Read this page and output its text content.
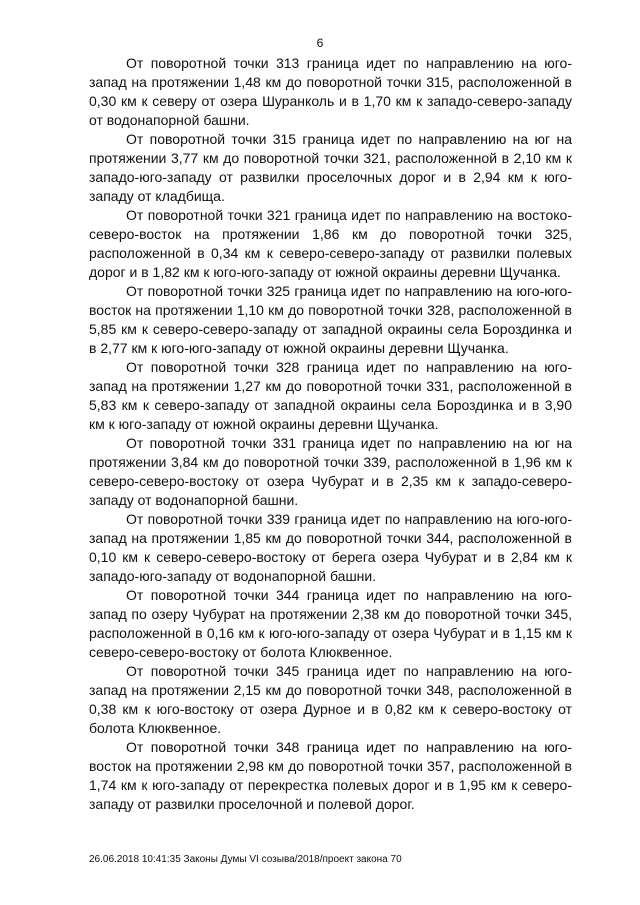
6

От поворотной точки 313 граница идет по направлению на юго-запад на протяжении 1,48 км до поворотной точки 315, расположенной в 0,30 км к северу от озера Шуранколь и в 1,70 км к западо-северо-западу от водонапорной башни.

От поворотной точки 315 граница идет по направлению на юг на протяжении 3,77 км до поворотной точки 321, расположенной в 2,10 км к западо-юго-западу от развилки проселочных дорог и в 2,94 км к юго-западу от кладбища.

От поворотной точки 321 граница идет по направлению на востоко-северо-восток на протяжении 1,86 км до поворотной точки 325, расположенной в 0,34 км к северо-северо-западу от развилки полевых дорог и в 1,82 км к юго-юго-западу от южной окраины деревни Щучанка.

От поворотной точки 325 граница идет по направлению на юго-юго-восток на протяжении 1,10 км до поворотной точки 328, расположенной в 5,85 км к северо-северо-западу от западной окраины села Бороздинка и в 2,77 км к юго-юго-западу от южной окраины деревни Щучанка.

От поворотной точки 328 граница идет по направлению на юго-запад на протяжении 1,27 км до поворотной точки 331, расположенной в 5,83 км к северо-западу от западной окраины села Бороздинка и в 3,90 км к юго-западу от южной окраины деревни Щучанка.

От поворотной точки 331 граница идет по направлению на юг на протяжении 3,84 км до поворотной точки 339, расположенной в 1,96 км к северо-северо-востоку от озера Чубурат и в 2,35 км к западо-северо-западу от водонапорной башни.

От поворотной точки 339 граница идет по направлению на юго-юго-запад на протяжении 1,85 км до поворотной точки 344, расположенной в 0,10 км к северо-северо-востоку от берега озера Чубурат и в 2,84 км к западо-юго-западу от водонапорной башни.

От поворотной точки 344 граница идет по направлению на юго-запад по озеру Чубурат на протяжении 2,38 км до поворотной точки 345, расположенной в 0,16 км к юго-юго-западу от озера Чубурат и в 1,15 км к северо-северо-востоку от болота Клюквенное.

От поворотной точки 345 граница идет по направлению на юго-запад на протяжении 2,15 км до поворотной точки 348, расположенной в 0,38 км к юго-востоку от озера Дурное и в 0,82 км к северо-востоку от болота Клюквенное.

От поворотной точки 348 граница идет по направлению на юго-восток на протяжении 2,98 км до поворотной точки 357, расположенной в 1,74 км к юго-западу от перекрестка полевых дорог и в 1,95 км к северо-западу от развилки проселочной и полевой дорог.

26.06.2018 10:41:35 Законы Думы VI созыва/2018/проект закона 70
